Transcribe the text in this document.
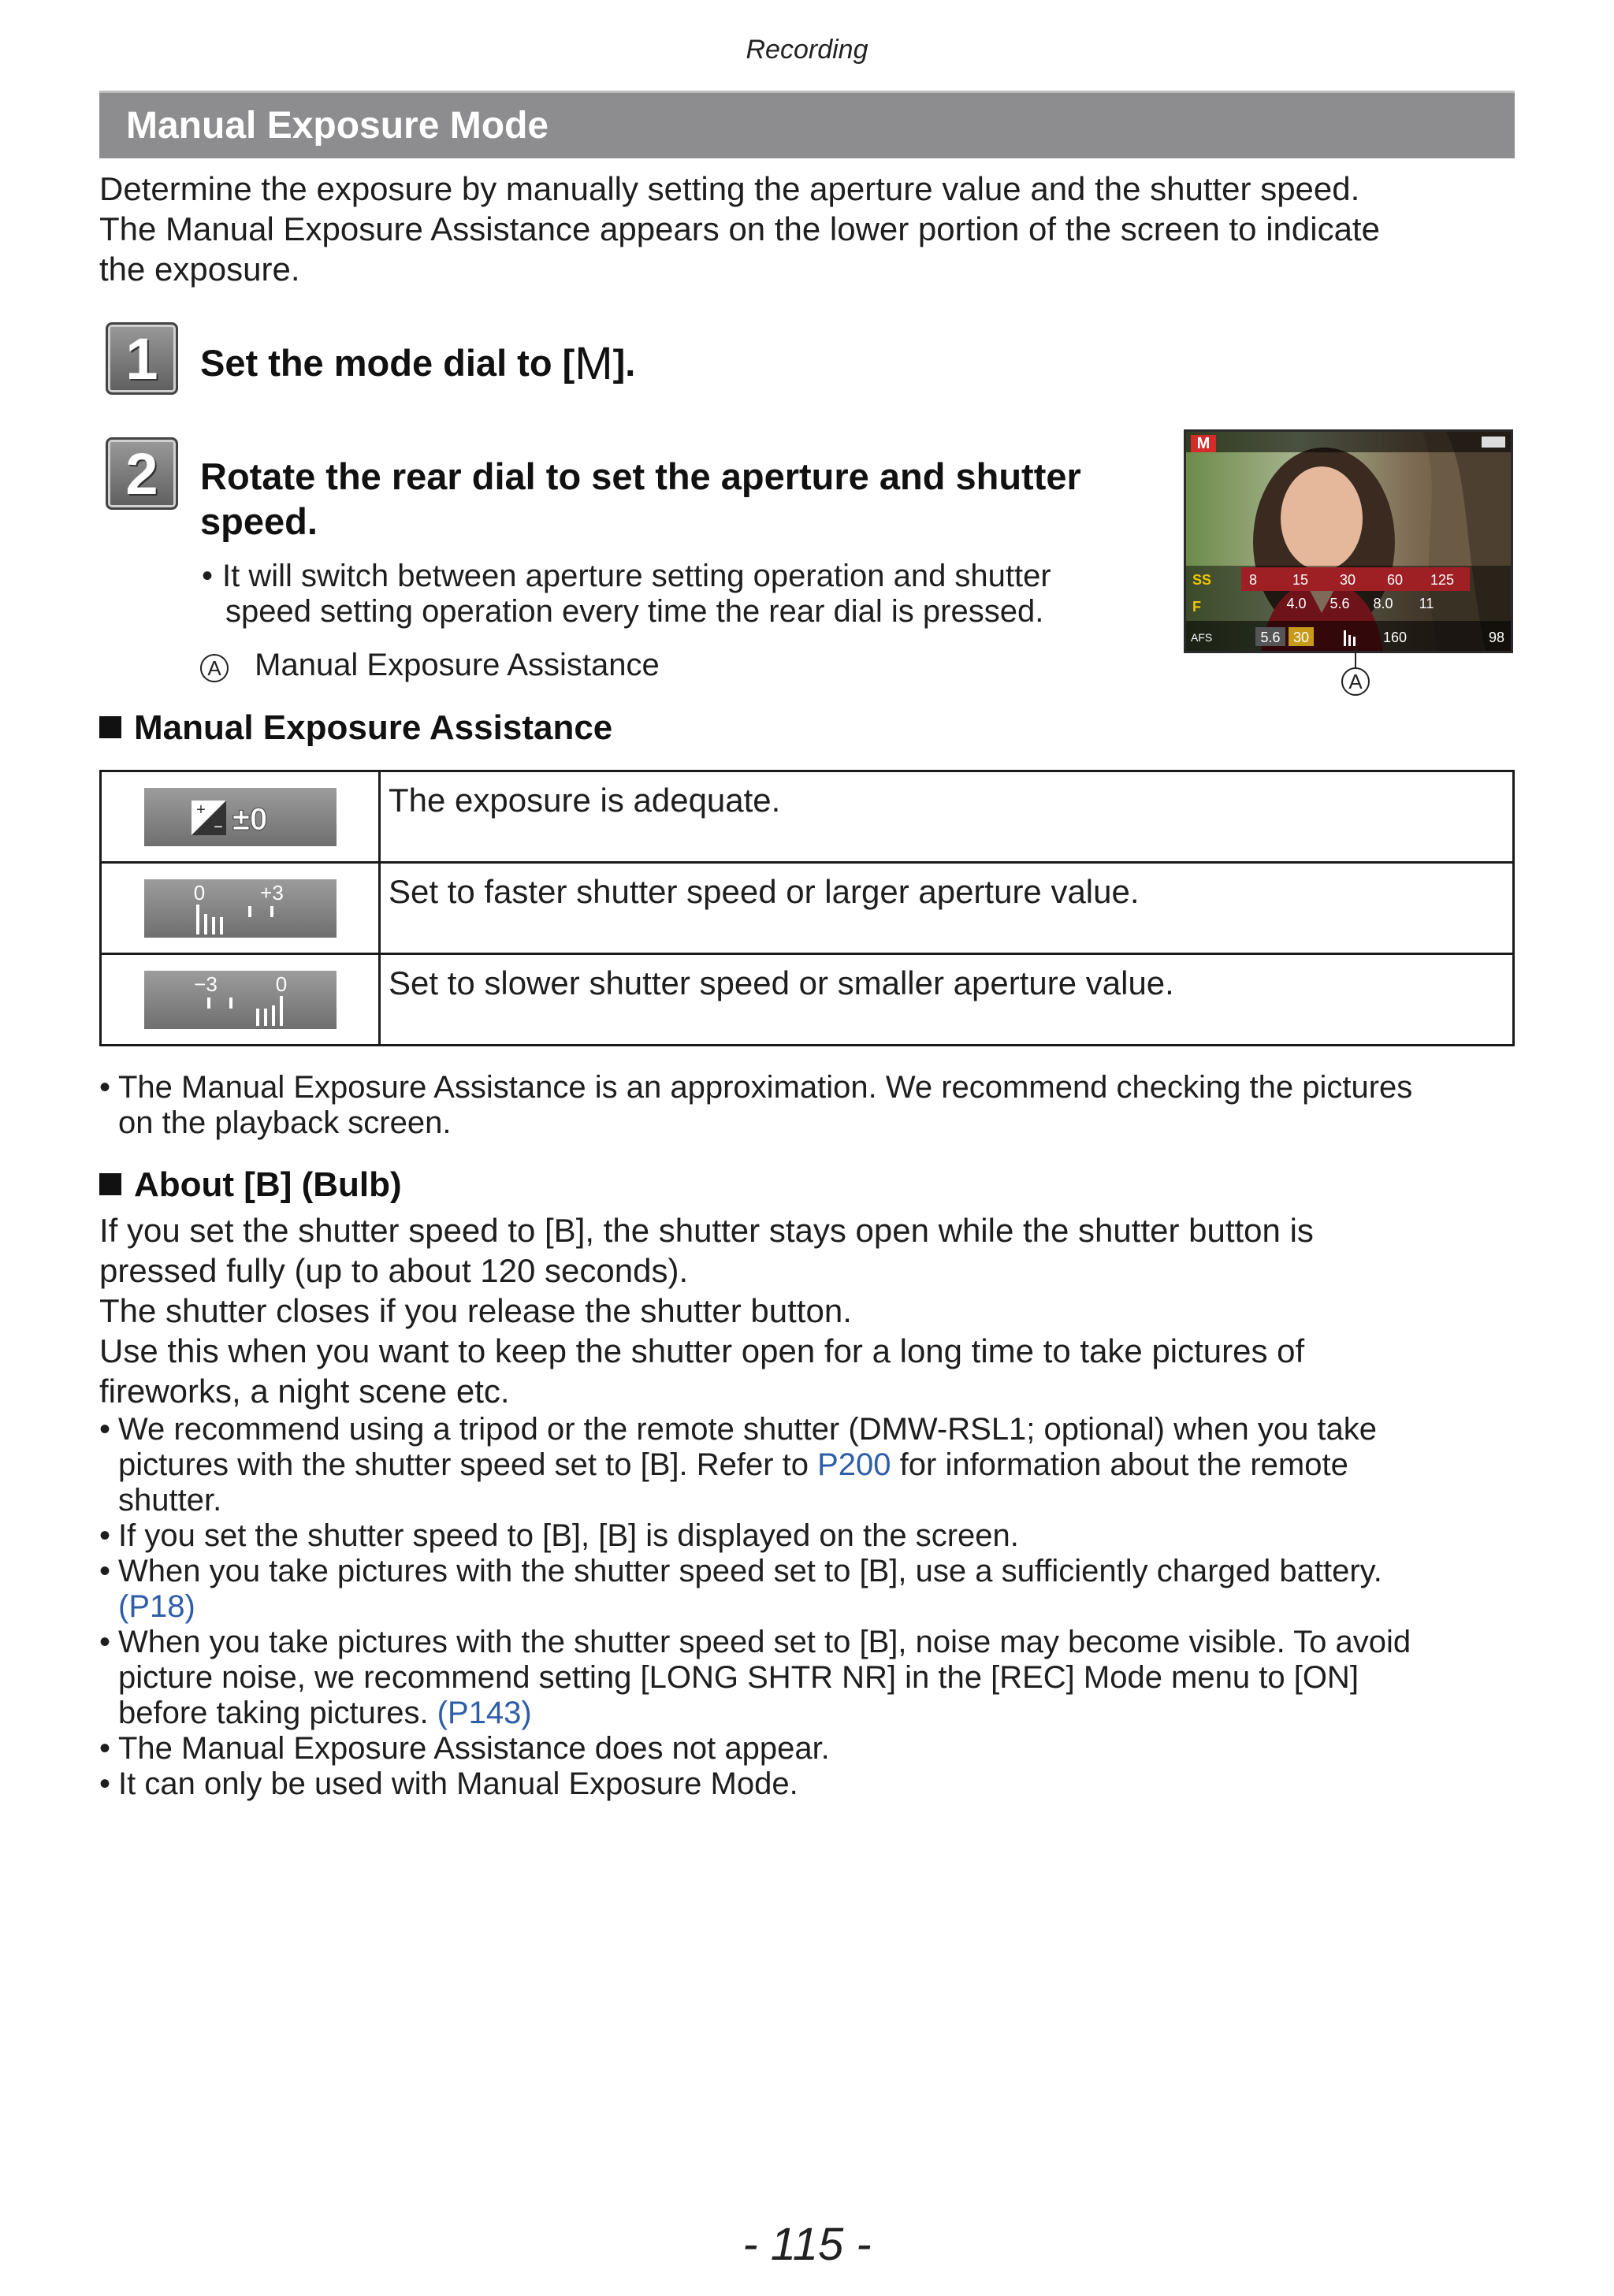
Recording
Manual Exposure Mode
Determine the exposure by manually setting the aperture value and the shutter speed.
The Manual Exposure Assistance appears on the lower portion of the screen to indicate
the exposure.
1	Set the mode dial to [M].
2	Rotate the rear dial to set the aperture and shutter
speed.
• It will switch between aperture setting operation and shutter
speed setting operation every time the rear dial is pressed.
A Manual Exposure Assistance
M
SS
F
8 15 30 60 125
4.0 5.6 8.0 11
AFS	5.6 30	160	98
A
Manual Exposure Assistance
+
− ±0	The exposure is adequate.

0 +3	Set to faster shutter speed or larger aperture value.

−3 0	Set to slower shutter speed or smaller aperture value.
• The Manual Exposure Assistance is an approximation. We recommend checking the pictures
on the playback screen.
About [B] (Bulb)
If you set the shutter speed to [B], the shutter stays open while the shutter button is
pressed fully (up to about 120 seconds).
The shutter closes if you release the shutter button.
Use this when you want to keep the shutter open for a long time to take pictures of
fireworks, a night scene etc.
• We recommend using a tripod or the remote shutter (DMW-RSL1; optional) when you take
pictures with the shutter speed set to [B]. Refer to P200 for information about the remote
shutter.
• If you set the shutter speed to [B], [B] is displayed on the screen.
• When you take pictures with the shutter speed set to [B], use a sufficiently charged battery.
(P18)
• When you take pictures with the shutter speed set to [B], noise may become visible. To avoid
picture noise, we recommend setting [LONG SHTR NR] in the [REC] Mode menu to [ON]
before taking pictures. (P143)
• The Manual Exposure Assistance does not appear.
• It can only be used with Manual Exposure Mode.
- 115 -
